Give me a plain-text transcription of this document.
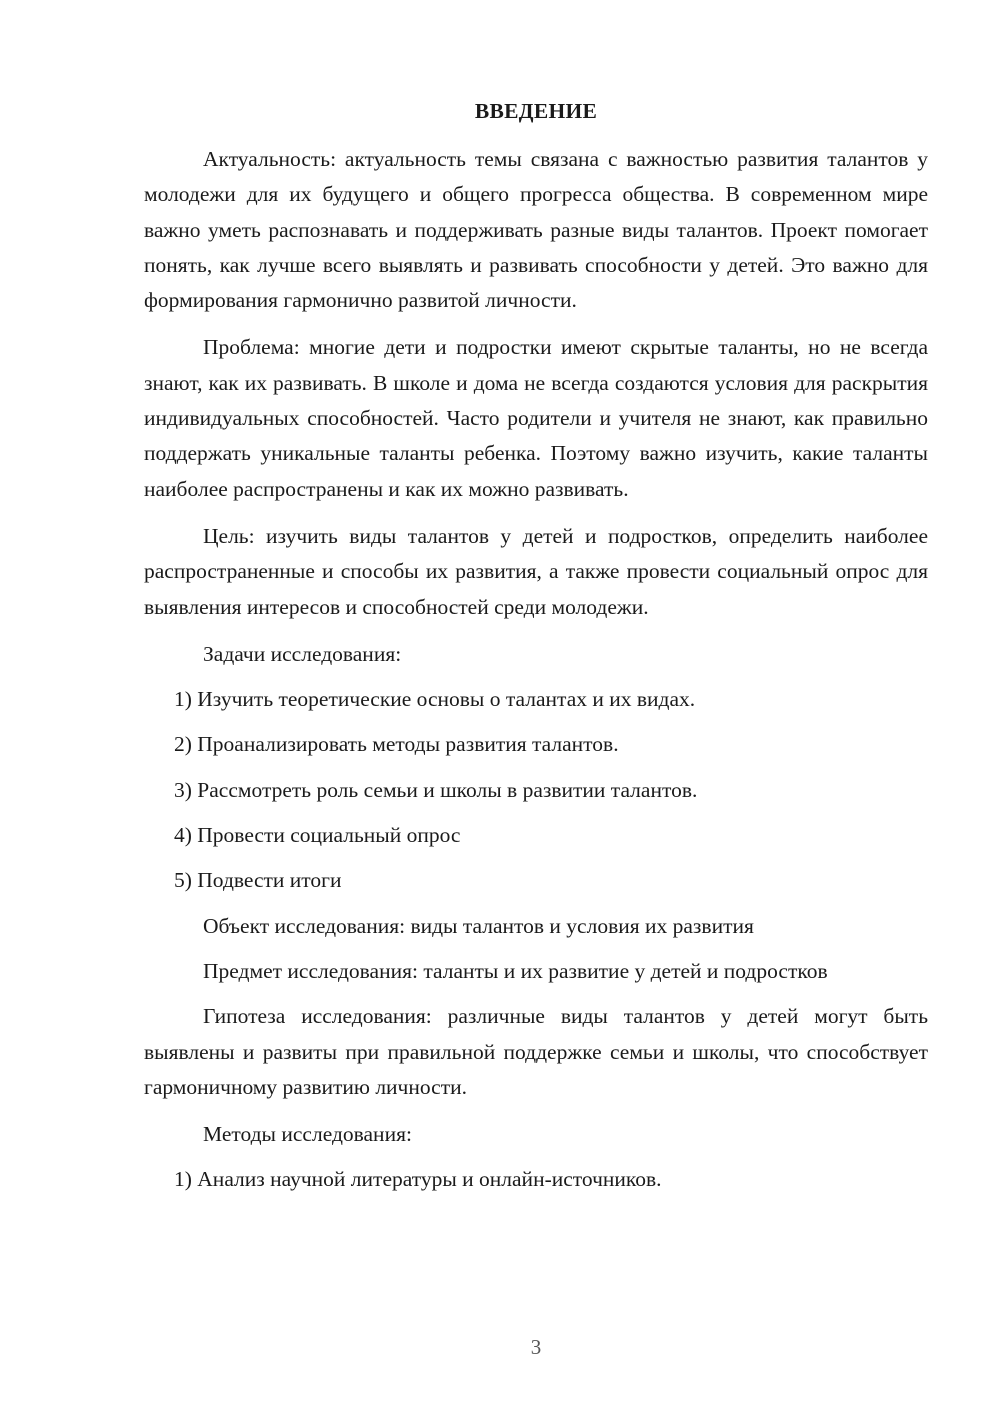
ВВЕДЕНИЕ

Актуальность: актуальность темы связана с важностью развития талантов у молодежи для их будущего и общего прогресса общества. В современном мире важно уметь распознавать и поддерживать разные виды талантов. Проект помогает понять, как лучше всего выявлять и развивать способности у детей. Это важно для формирования гармонично развитой личности.

Проблема: многие дети и подростки имеют скрытые таланты, но не всегда знают, как их развивать. В школе и дома не всегда создаются условия для раскрытия индивидуальных способностей. Часто родители и учителя не знают, как правильно поддержать уникальные таланты ребенка. Поэтому важно изучить, какие таланты наиболее распространены и как их можно развивать.

Цель: изучить виды талантов у детей и подростков, определить наиболее распространенные и способы их развития, а также провести социальный опрос для выявления интересов и способностей среди молодежи.

Задачи исследования:
1) Изучить теоретические основы о талантах и их видах.
2) Проанализировать методы развития талантов.
3) Рассмотреть роль семьи и школы в развитии талантов.
4) Провести социальный опрос
5) Подвести итоги
Объект исследования: виды талантов и условия их развития
Предмет исследования: таланты и их развитие у детей и подростков

Гипотеза исследования: различные виды талантов у детей могут быть выявлены и развиты при правильной поддержке семьи и школы, что способствует гармоничному развитию личности.

Методы исследования:
1) Анализ научной литературы и онлайн-источников.
3
